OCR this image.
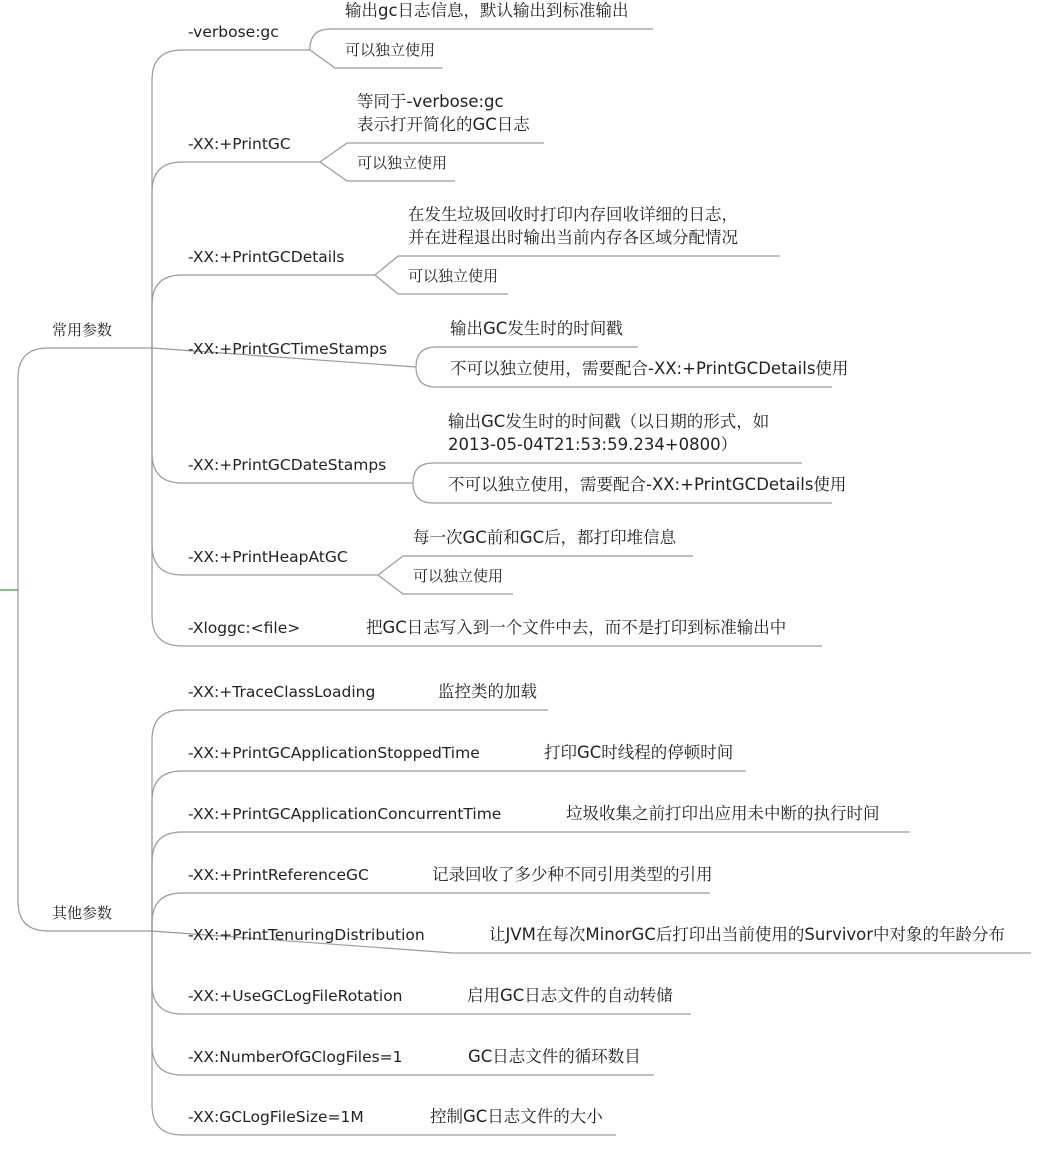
常用参数
-verbose:gc
输出gc日志信息，默认输出到标准输出
可以独立使用
-XX:+PrintGC
等同于-verbose:gc
表示打开简化的GC日志
可以独立使用
-XX:+PrintGCDetails
在发生垃圾回收时打印内存回收详细的日志，
并在进程退出时输出当前内存各区域分配情况
可以独立使用
-XX:+PrintGCTimeStamps
输出GC发生时的时间戳
不可以独立使用，需要配合-XX:+PrintGCDetails使用
-XX:+PrintGCDateStamps
输出GC发生时的时间戳（以日期的形式，如
2013-05-04T21:53:59.234+0800）
不可以独立使用，需要配合-XX:+PrintGCDetails使用
-XX:+PrintHeapAtGC
每一次GC前和GC后，都打印堆信息
可以独立使用
-Xloggc:<file>	把GC日志写入到一个文件中去，而不是打印到标准输出中
其他参数
-XX:+TraceClassLoading	监控类的加载
-XX:+PrintGCApplicationStoppedTime	打印GC时线程的停顿时间
-XX:+PrintGCApplicationConcurrentTime	垃圾收集之前打印出应用未中断的执行时间
-XX:+PrintReferenceGC	记录回收了多少种不同引用类型的引用
-XX:+PrintTenuringDistribution	让JVM在每次MinorGC后打印出当前使用的Survivor中对象的年龄分布
-XX:+UseGCLogFileRotation	启用GC日志文件的自动转储
-XX:NumberOfGClogFiles=1	GC日志文件的循环数目
-XX:GCLogFileSize=1M	控制GC日志文件的大小
